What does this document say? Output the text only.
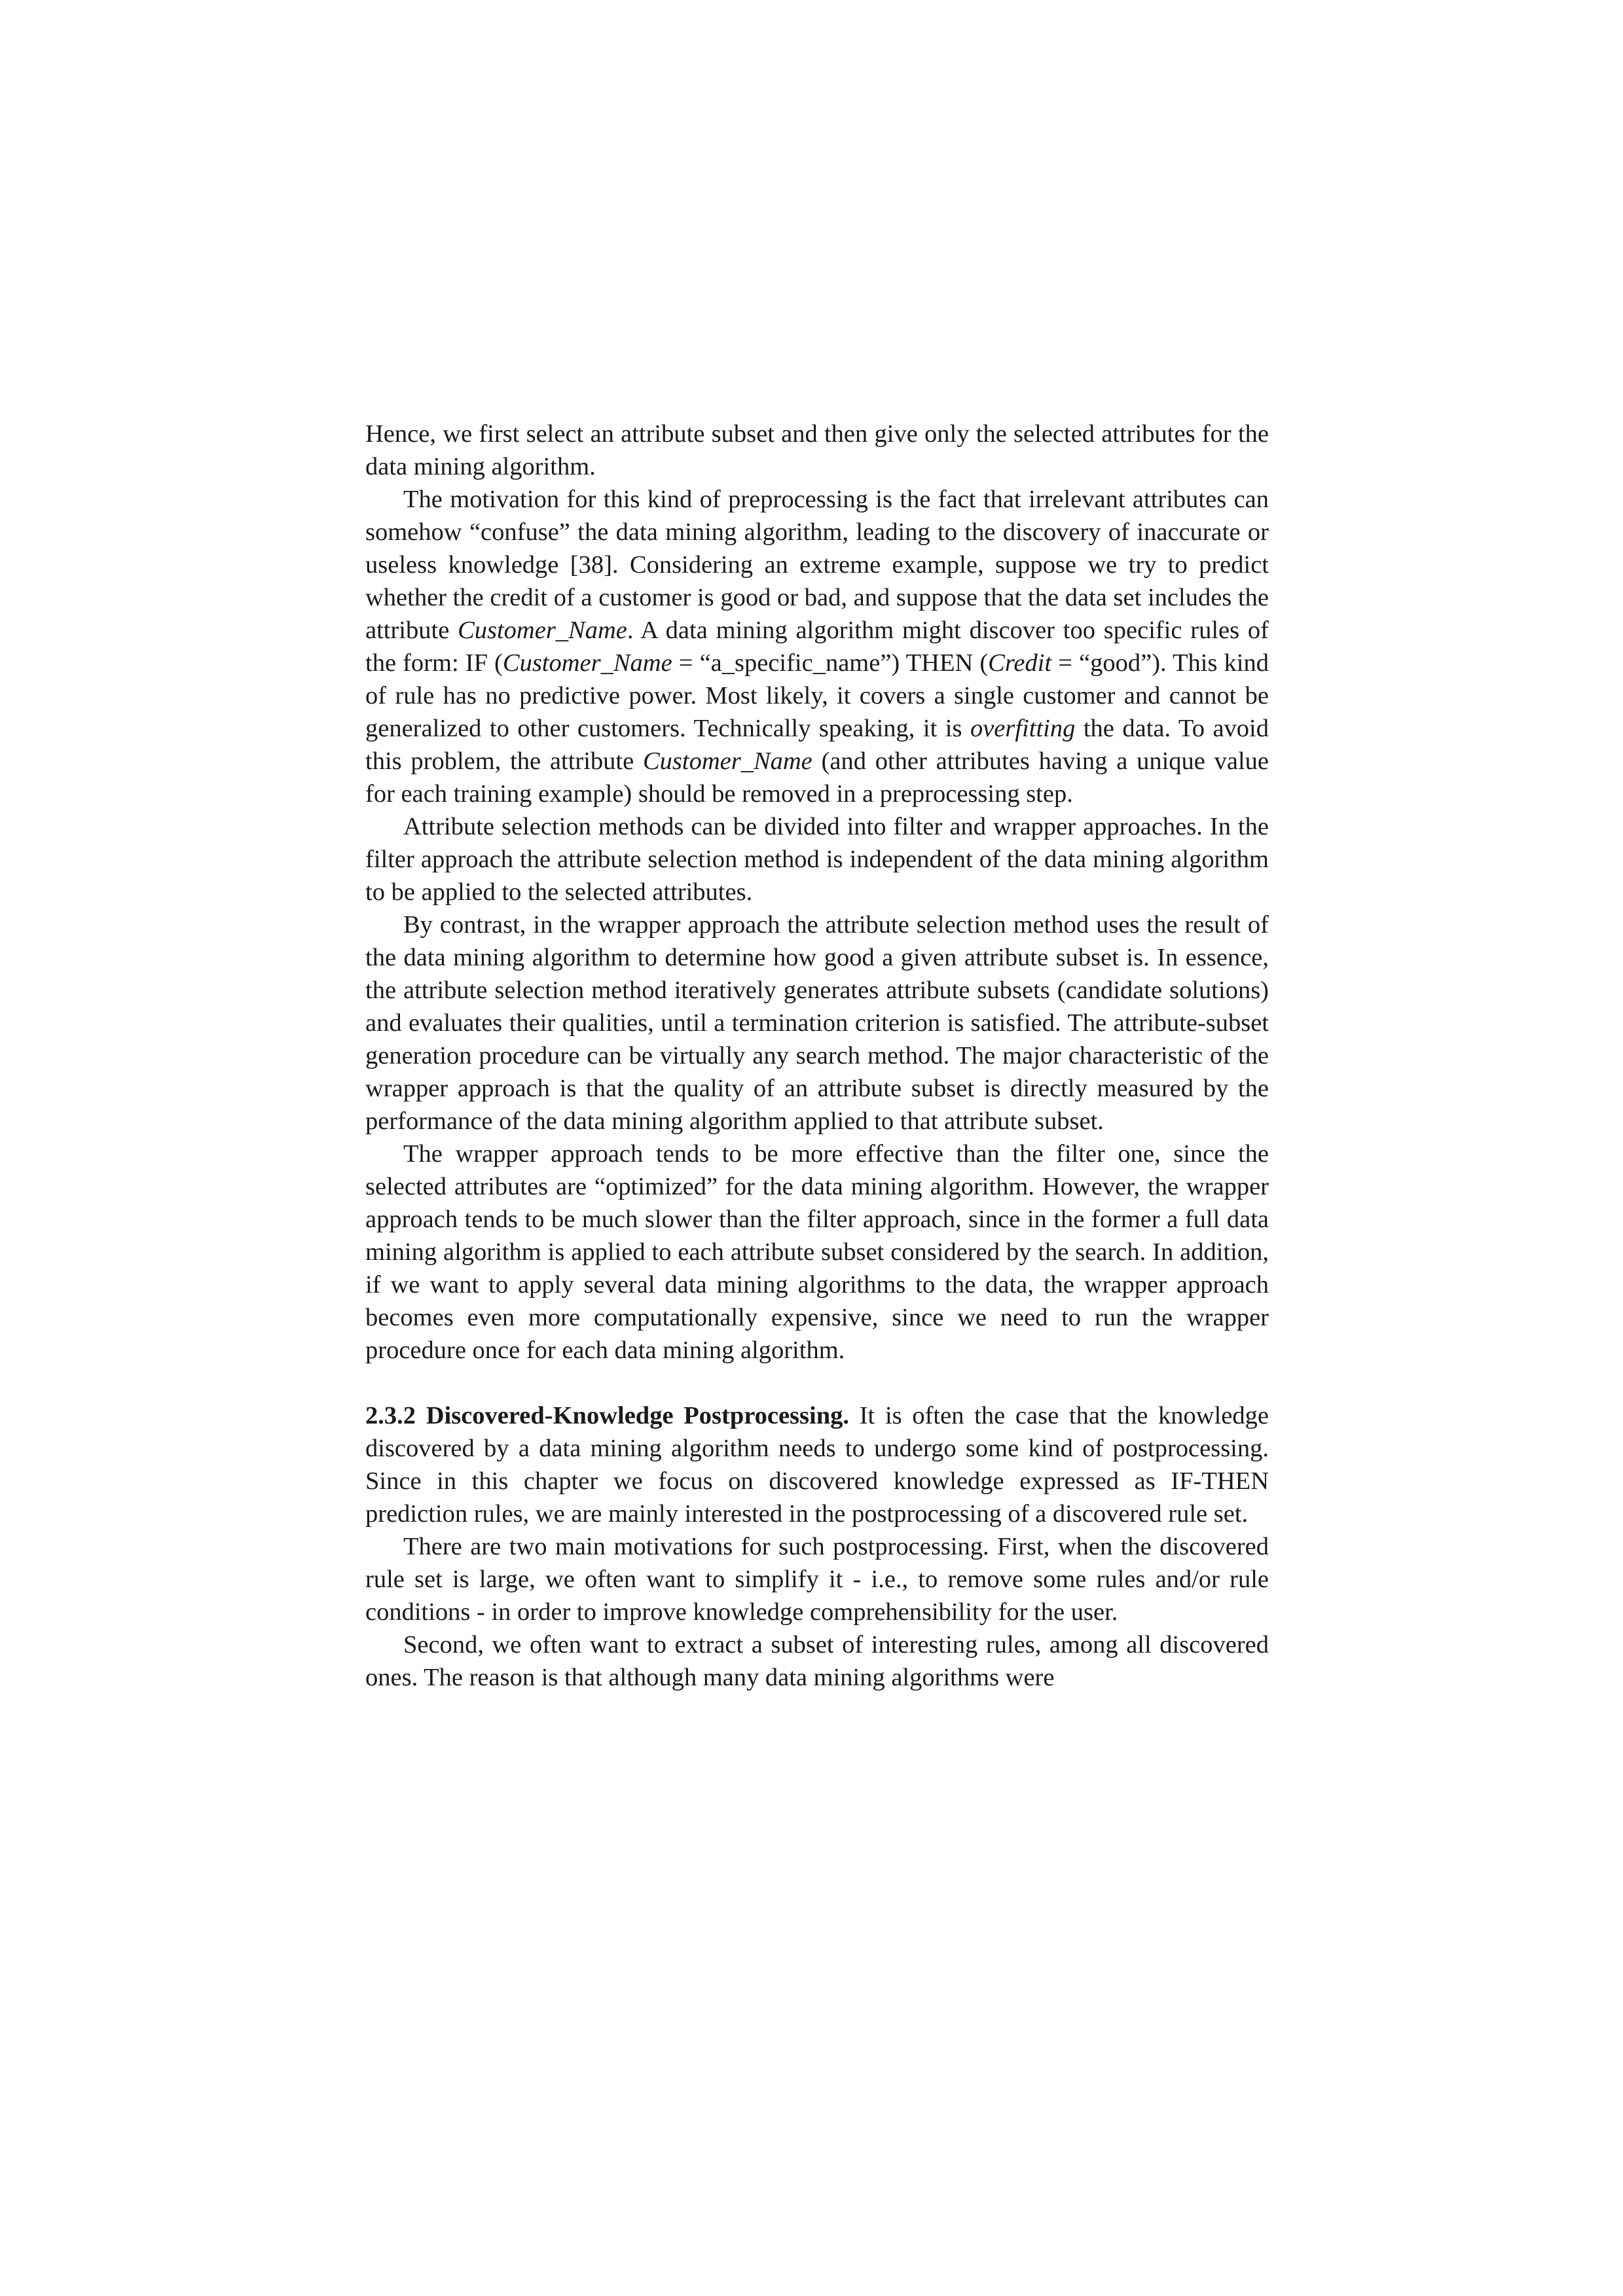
Hence, we first select an attribute subset and then give only the selected attributes for the data mining algorithm.

The motivation for this kind of preprocessing is the fact that irrelevant attributes can somehow “confuse” the data mining algorithm, leading to the discovery of inaccurate or useless knowledge [38]. Considering an extreme example, suppose we try to predict whether the credit of a customer is good or bad, and suppose that the data set includes the attribute Customer_Name. A data mining algorithm might discover too specific rules of the form: IF (Customer_Name = “a_specific_name”) THEN (Credit = “good”). This kind of rule has no predictive power. Most likely, it covers a single customer and cannot be generalized to other customers. Technically speaking, it is overfitting the data. To avoid this problem, the attribute Customer_Name (and other attributes having a unique value for each training example) should be removed in a preprocessing step.

Attribute selection methods can be divided into filter and wrapper approaches. In the filter approach the attribute selection method is independent of the data mining algorithm to be applied to the selected attributes.

By contrast, in the wrapper approach the attribute selection method uses the result of the data mining algorithm to determine how good a given attribute subset is. In essence, the attribute selection method iteratively generates attribute subsets (candidate solutions) and evaluates their qualities, until a termination criterion is satisfied. The attribute-subset generation procedure can be virtually any search method. The major characteristic of the wrapper approach is that the quality of an attribute subset is directly measured by the performance of the data mining algorithm applied to that attribute subset.

The wrapper approach tends to be more effective than the filter one, since the selected attributes are “optimized” for the data mining algorithm. However, the wrapper approach tends to be much slower than the filter approach, since in the former a full data mining algorithm is applied to each attribute subset considered by the search. In addition, if we want to apply several data mining algorithms to the data, the wrapper approach becomes even more computationally expensive, since we need to run the wrapper procedure once for each data mining algorithm.

2.3.2 Discovered-Knowledge Postprocessing. It is often the case that the knowledge discovered by a data mining algorithm needs to undergo some kind of postprocessing. Since in this chapter we focus on discovered knowledge expressed as IF-THEN prediction rules, we are mainly interested in the postprocessing of a discovered rule set.

There are two main motivations for such postprocessing. First, when the discovered rule set is large, we often want to simplify it - i.e., to remove some rules and/or rule conditions - in order to improve knowledge comprehensibility for the user.

Second, we often want to extract a subset of interesting rules, among all discovered ones. The reason is that although many data mining algorithms were
